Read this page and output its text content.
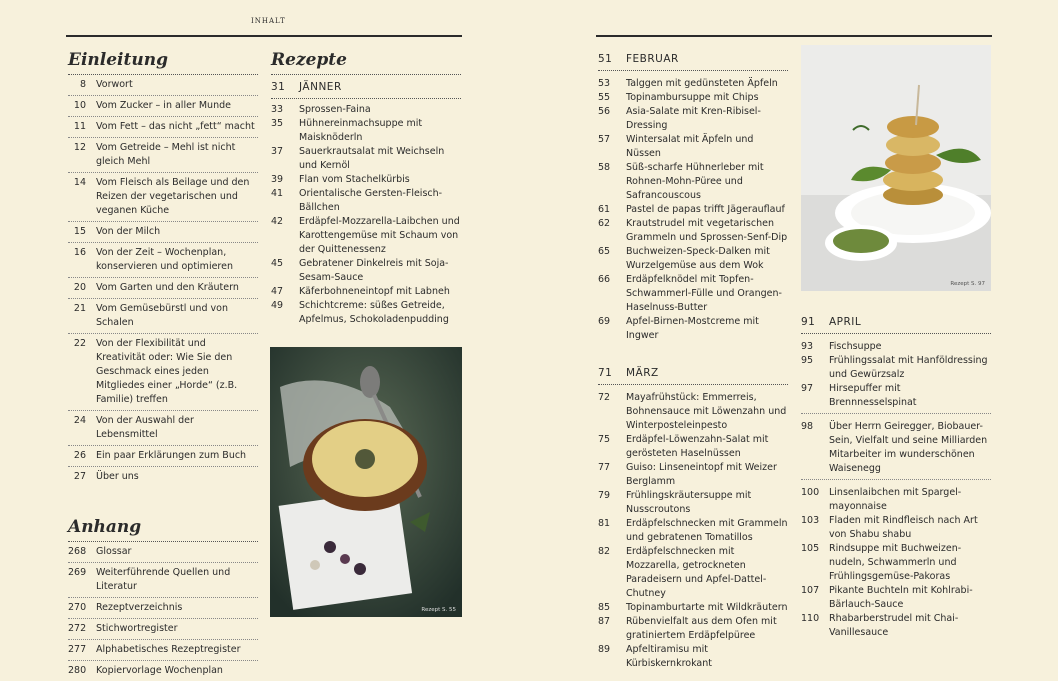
INHALT
Einleitung
8 Vorwort
10 Vom Zucker – in aller Munde
11 Vom Fett – das nicht „fett“ macht
12 Vom Getreide – Mehl ist nicht gleich Mehl
14 Vom Fleisch als Beilage und den Reizen der vegetarischen und veganen Küche
15 Von der Milch
16 Von der Zeit – Wochenplan, konservieren und optimieren
20 Vom Garten und den Kräutern
21 Vom Gemüsebürstl und von Schalen
22 Von der Flexibilität und Kreativität oder: Wie Sie den Geschmack eines jeden Mitgliedes einer „Horde“ (z.B. Familie) treffen
24 Von der Auswahl der Lebensmittel
26 Ein paar Erklärungen zum Buch
27 Über uns
Anhang
268	Glossar
269	Weiterführende Quellen und Literatur
270	Rezeptverzeichnis
272	Stichwortregister
277	Alphabetisches Rezeptregister
280	Kopiervorlage Wochenplan
Rezepte
31	JÄNNER
33	Sprossen-Faina
35	Hühnereinmachsuppe mit Maisknöderln
37	Sauerkrautsalat mit Weichseln und Kernöl
39	Flan vom Stachelkürbis
41	Orientalische Gersten-Fleisch-Bällchen
42	Erdäpfel-Mozzarella-Laibchen und Karottengemüse mit Schaum von der Quittenessenz
45	Gebratener Dinkelreis mit Soja-Sesam-Sauce
47	Käferbohneneintopf mit Labneh
49	Schichtcreme: süßes Getreide, Apfelmus, Schokoladenpudding
Rezept S. 55
51	FEBRUAR
53	Talggen mit gedünsteten Äpfeln
55	Topinambursuppe mit Chips
56	Asia-Salate mit Kren-Ribisel-Dressing
57	Wintersalat mit Äpfeln und Nüssen
58	Süß-scharfe Hühnerleber mit Rohnen-Mohn-Püree und Safrancouscous
61	Pastel de papas trifft Jägerauflauf
62	Krautstrudel mit vegetarischen Grammeln und Sprossen-Senf-Dip
65	Buchweizen-Speck-Dalken mit Wurzelgemüse aus dem Wok
66	Erdäpfelknödel mit Topfen-Schwammerl-Fülle und Orangen-Haselnuss-Butter
69	Apfel-Birnen-Mostcreme mit Ingwer
71	MÄRZ
72	Mayafrühstück: Emmerreis, Bohnensauce mit Löwenzahn und Winterposteleinpesto
75	Erdäpfel-Löwenzahn-Salat mit gerösteten Haselnüssen
77	Guiso: Linseneintopf mit Weizer Berglamm
79	Frühlingskräutersuppe mit Nusscroutons
81	Erdäpfelschnecken mit Grammeln und gebratenen Tomatillos
82	Erdäpfelschnecken mit Mozzarella, getrockneten Paradeisern und Apfel-Dattel-Chutney
85	Topinamburtarte mit Wildkräutern
87	Rübenvielfalt aus dem Ofen mit gratiniertem Erdäpfelpüree
89	Apfeltiramisu mit Kürbiskernkrokant
Rezept S. 97
91	APRIL
93	Fischsuppe
95	Frühlingssalat mit Hanföldressing und Gewürzsalz
97	Hirsepuffer mit Brennnesselspinat
98	Über Herrn Geiregger, Biobauer-Sein, Vielfalt und seine Milliarden Mitarbeiter im wunderschönen Waisenegg
100	Linsenlaibchen mit Spargel-mayonnaise
103	Fladen mit Rindfleisch nach Art von Shabu shabu
105	Rindsuppe mit Buchweizen-nudeln, Schwammerln und Frühlingsgemüse-Pakoras
107	Pikante Buchteln mit Kohlrabi-Bärlauch-Sauce
110	Rhabarberstrudel mit Chai-Vanillesauce
